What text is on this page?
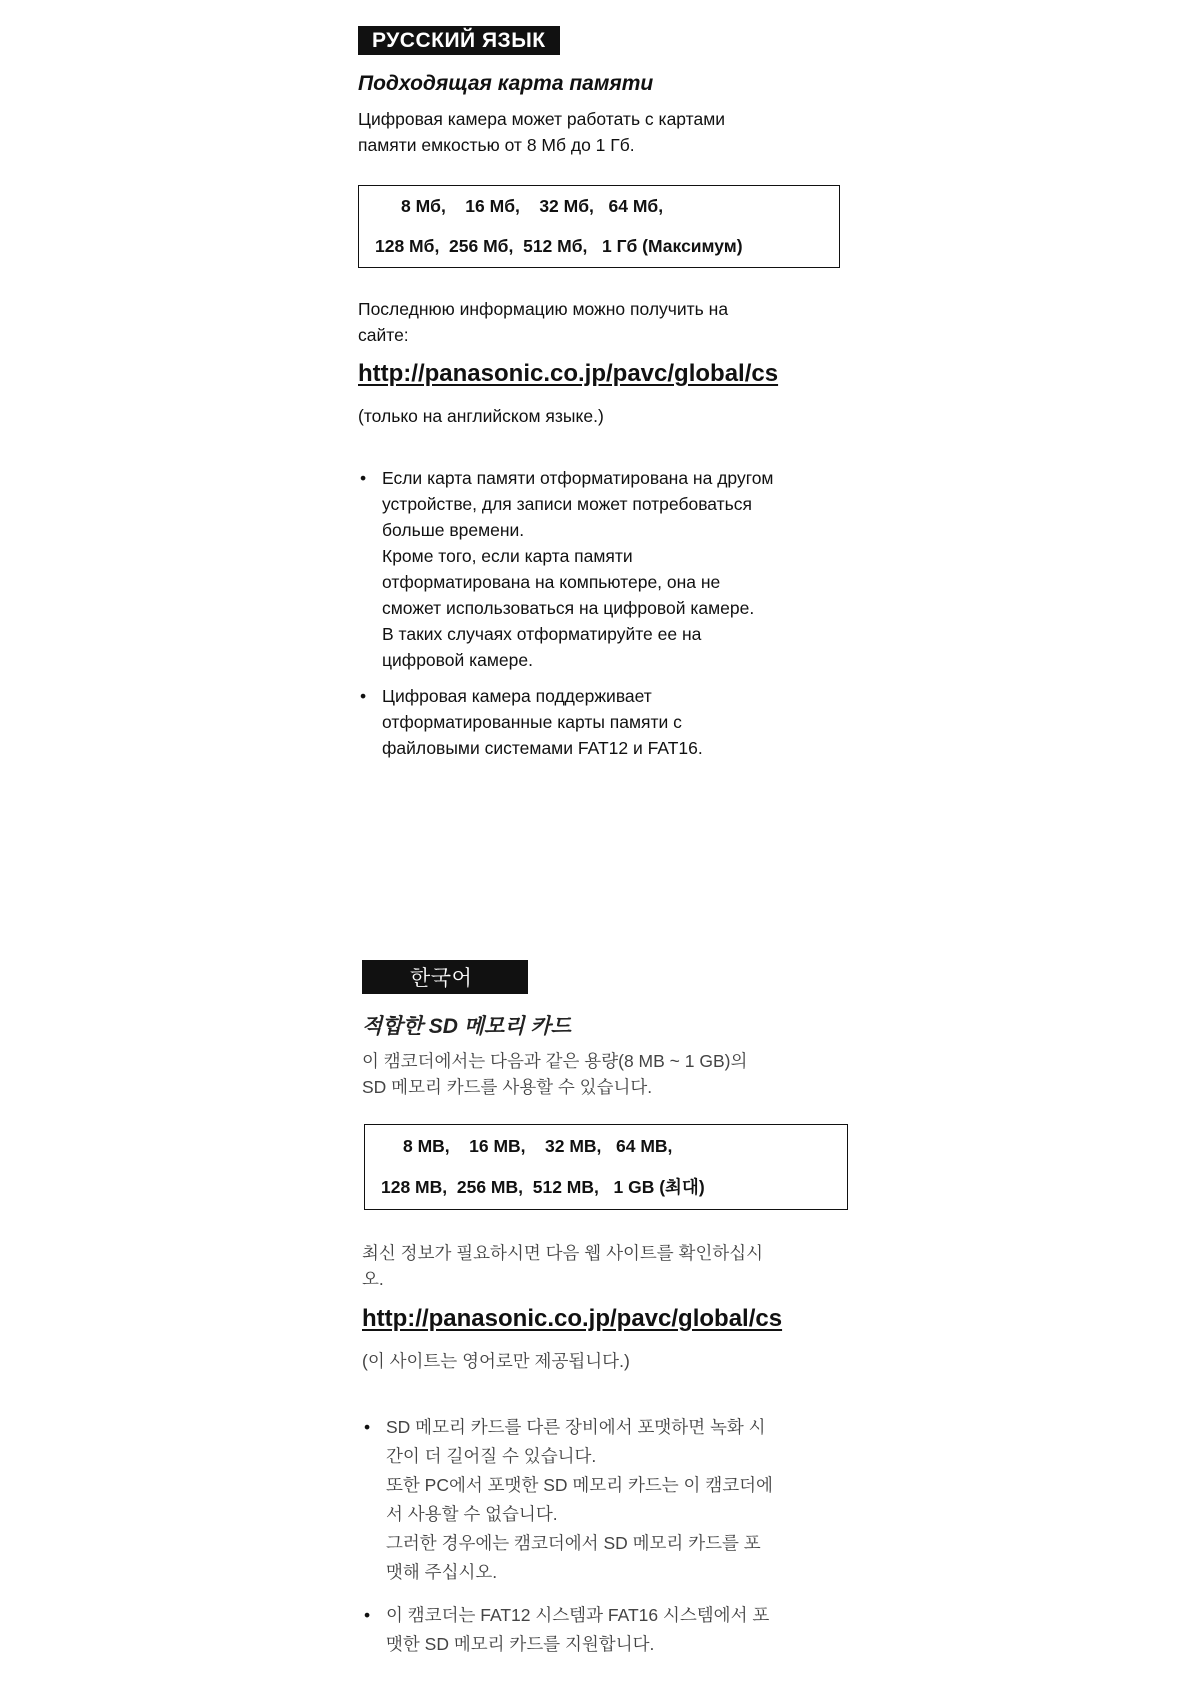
РУССКИЙ ЯЗЫК

Подходящая карта памяти

Цифровая камера может работать с картами

памяти емкостью от 8 Мб до 1 Гб.

8 Мб, 16 Мб, 32 Мб, 64 Мб,
128 Мб, 256 Мб, 512 Мб, 1 Гб (Максимум)

Последнюю информацию можно получить на

сайте:

http://panasonic.co.jp/pavc/global/cs

(только на английском языке.)

• Если карта памяти отформатирована на другом
устройстве, для записи может потребоваться
больше времени.
Кроме того, если карта памяти
отформатирована на компьютере, она не
сможет использоваться на цифровой камере.
В таких случаях отформатируйте ее на
цифровой камере.
• Цифровая камера поддерживает
отформатированные карты памяти с
файловыми системами FAT12 и FAT16.
한국어

적합한 SD 메모리 카드

이 캠코더에서는 다음과 같은 용량(8 MB ~ 1 GB)의

SD 메모리 카드를 사용할 수 있습니다.

8 MB, 16 MB, 32 MB, 64 MB,
128 MB, 256 MB, 512 MB, 1 GB (최대)

최신 정보가 필요하시면 다음 웹 사이트를 확인하십시

오.

http://panasonic.co.jp/pavc/global/cs

(이 사이트는 영어로만 제공됩니다.)

• SD 메모리 카드를 다른 장비에서 포맷하면 녹화 시
간이 더 길어질 수 있습니다.
또한 PC에서 포맷한 SD 메모리 카드는 이 캠코더에
서 사용할 수 없습니다.
그러한 경우에는 캠코더에서 SD 메모리 카드를 포
맷해 주십시오.
• 이 캠코더는 FAT12 시스템과 FAT16 시스템에서 포
맷한 SD 메모리 카드를 지원합니다.
